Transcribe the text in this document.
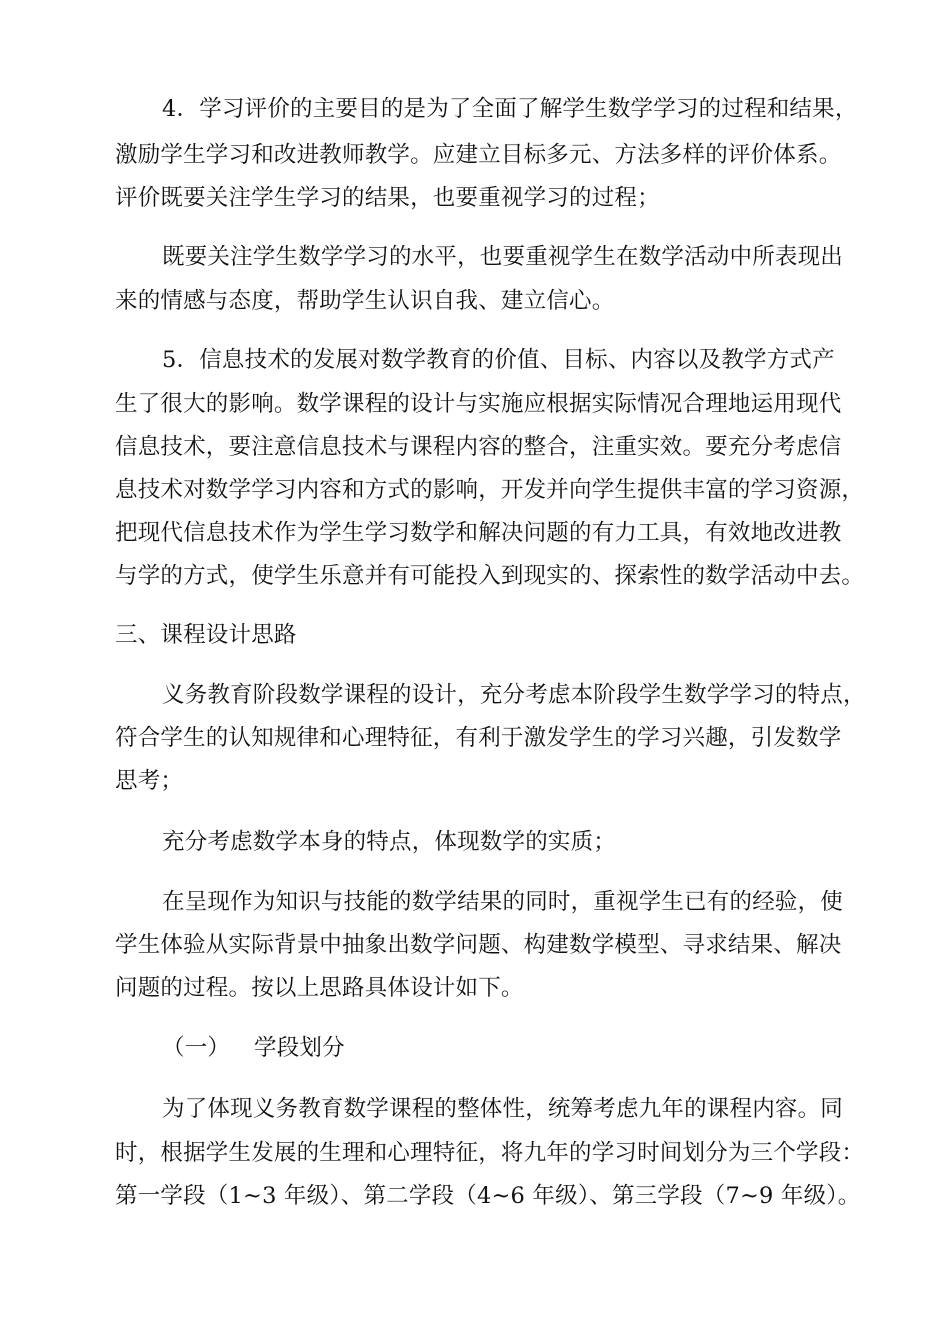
4．学习评价的主要目的是为了全面了解学生数学学习的过程和结果，
激励学生学习和改进教师教学。应建立目标多元、方法多样的评价体系。
评价既要关注学生学习的结果，也要重视学习的过程；
既要关注学生数学学习的水平，也要重视学生在数学活动中所表现出
来的情感与态度，帮助学生认识自我、建立信心。
5．信息技术的发展对数学教育的价值、目标、内容以及教学方式产
生了很大的影响。数学课程的设计与实施应根据实际情况合理地运用现代
信息技术，要注意信息技术与课程内容的整合，注重实效。要充分考虑信
息技术对数学学习内容和方式的影响，开发并向学生提供丰富的学习资源，
把现代信息技术作为学生学习数学和解决问题的有力工具，有效地改进教
与学的方式，使学生乐意并有可能投入到现实的、探索性的数学活动中去。
三、课程设计思路
义务教育阶段数学课程的设计，充分考虑本阶段学生数学学习的特点，
符合学生的认知规律和心理特征，有利于激发学生的学习兴趣，引发数学
思考；
充分考虑数学本身的特点，体现数学的实质；
在呈现作为知识与技能的数学结果的同时，重视学生已有的经验，使
学生体验从实际背景中抽象出数学问题、构建数学模型、寻求结果、解决
问题的过程。按以上思路具体设计如下。
（一） 学段划分
为了体现义务教育数学课程的整体性，统筹考虑九年的课程内容。同
时，根据学生发展的生理和心理特征，将九年的学习时间划分为三个学段：
第一学段（1~3 年级）、第二学段（4~6 年级）、第三学段（7~9 年级）。
